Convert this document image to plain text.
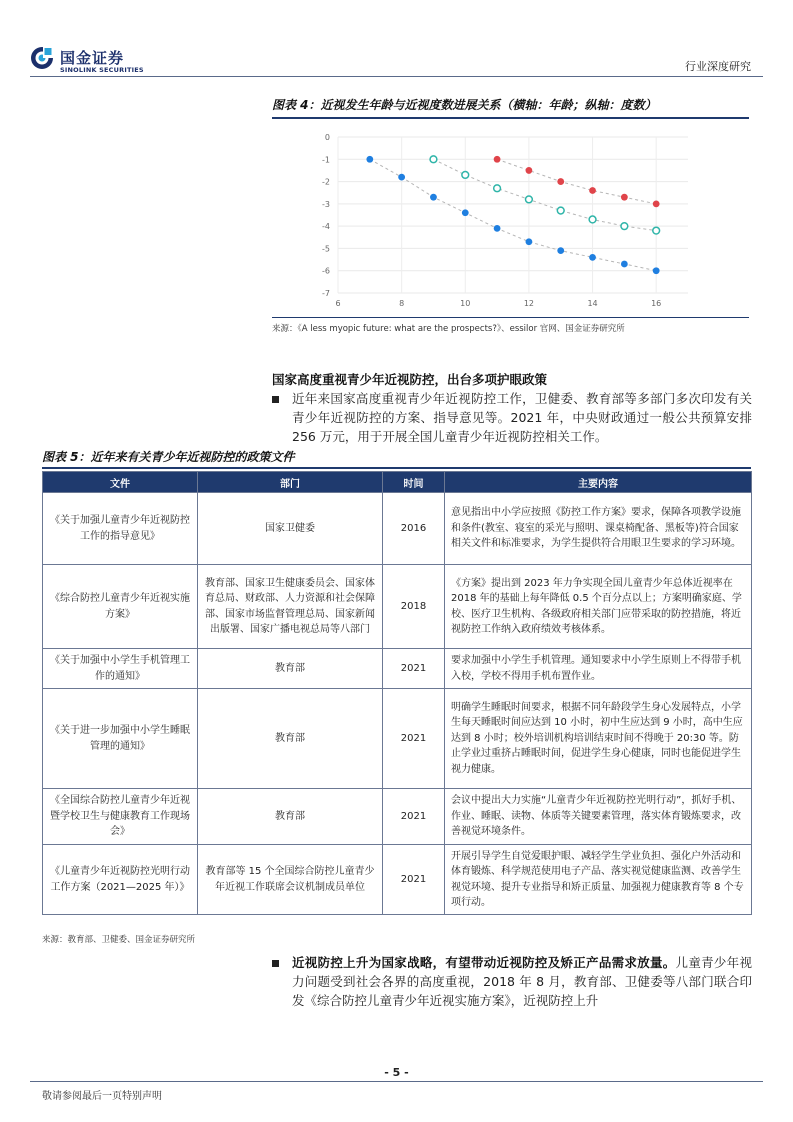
国金证券
SINOLINK SECURITIES	行业深度研究
图表 4：近视发生年龄与近视度数进展关系（横轴：年龄；纵轴：度数）
0
-1
-2
-3
-4
-5
-6
-7
6	8	10	12	14	16
来源：《A less myopic future: what are the prospects?》、essilor 官网、国金证券研究所
国家高度重视青少年近视防控，出台多项护眼政策
近年来国家高度重视青少年近视防控工作，卫健委、教育部等多部门多次印发有关青少年近视防控的方案、指导意见等。2021 年，中央财政通过一般公共预算安排 256 万元，用于开展全国儿童青少年近视防控相关工作。
图表 5：近年来有关青少年近视防控的政策文件
文件	部门	时间	主要内容
《关于加强儿童青少年近视防控工作的指导意见》	国家卫健委	2016	意见指出中小学应按照《防控工作方案》要求，保障各项教学设施和条件(教室、寝室的采光与照明、课桌椅配备、黑板等)符合国家相关文件和标准要求，为学生提供符合用眼卫生要求的学习环境。
《综合防控儿童青少年近视实施方案》	教育部、国家卫生健康委员会、国家体育总局、财政部、人力资源和社会保障部、国家市场监督管理总局、国家新闻出版署、国家广播电视总局等八部门	2018	《方案》提出到 2023 年力争实现全国儿童青少年总体近视率在 2018 年的基础上每年降低 0.5 个百分点以上；方案明确家庭、学校、医疗卫生机构、各级政府相关部门应带采取的防控措施，将近视防控工作纳入政府绩效考核体系。
《关于加强中小学生手机管理工作的通知》	教育部	2021	要求加强中小学生手机管理。通知要求中小学生原则上不得带手机入校，学校不得用手机布置作业。
《关于进一步加强中小学生睡眠管理的通知》	教育部	2021	明确学生睡眠时间要求，根据不同年龄段学生身心发展特点，小学生每天睡眠时间应达到 10 小时，初中生应达到 9 小时，高中生应达到 8 小时；校外培训机构培训结束时间不得晚于 20:30 等。防止学业过重挤占睡眠时间，促进学生身心健康，同时也能促进学生视力健康。
《全国综合防控儿童青少年近视暨学校卫生与健康教育工作现场会》	教育部	2021	会议中提出大力实施“儿童青少年近视防控光明行动”，抓好手机、作业、睡眠、读物、体质等关键要素管理，落实体育锻炼要求，改善视觉环境条件。
《儿童青少年近视防控光明行动工作方案（2021—2025 年）》	教育部等 15 个全国综合防控儿童青少年近视工作联席会议机制成员单位	2021	开展引导学生自觉爱眼护眼、减轻学生学业负担、强化户外活动和体育锻炼、科学规范使用电子产品、落实视觉健康监测、改善学生视觉环境、提升专业指导和矫正质量、加强视力健康教育等 8 个专项行动。
来源：教育部、卫健委、国金证券研究所
近视防控上升为国家战略，有望带动近视防控及矫正产品需求放量。儿童青少年视力问题受到社会各界的高度重视，2018 年 8 月，教育部、卫健委等八部门联合印发《综合防控儿童青少年近视实施方案》，近视防控上升
- 5 -
敬请参阅最后一页特别声明
